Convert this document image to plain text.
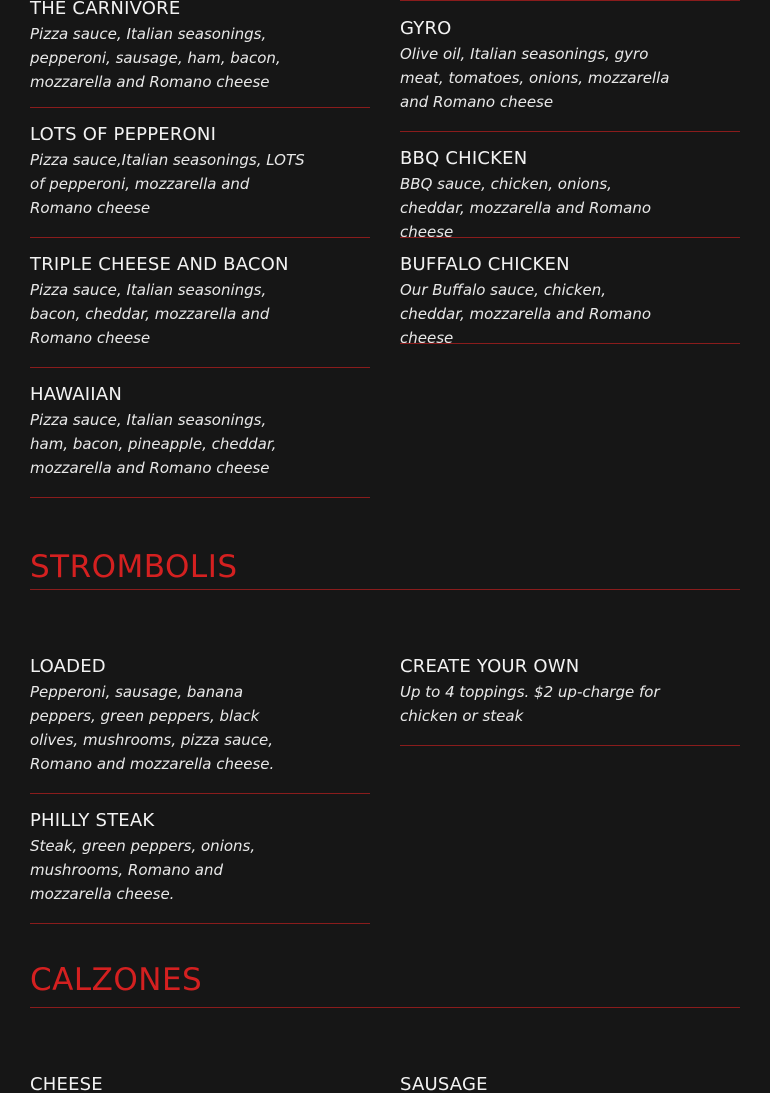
THE CARNIVORE
Pizza sauce, Italian seasonings, pepperoni, sausage, ham, bacon, mozzarella and Romano cheese
LOTS OF PEPPERONI
Pizza sauce,Italian seasonings, LOTS of pepperoni, mozzarella and Romano cheese
TRIPLE CHEESE AND BACON
Pizza sauce, Italian seasonings, bacon, cheddar, mozzarella and Romano cheese
HAWAIIAN
Pizza sauce, Italian seasonings, ham, bacon, pineapple, cheddar, mozzarella and Romano cheese
GYRO
Olive oil, Italian seasonings, gyro meat, tomatoes, onions, mozzarella and Romano cheese
BBQ CHICKEN
BBQ sauce, chicken, onions, cheddar, mozzarella and Romano cheese
BUFFALO CHICKEN
Our Buffalo sauce, chicken, cheddar, mozzarella and Romano cheese
STROMBOLIS
LOADED
Pepperoni, sausage, banana peppers, green peppers, black olives, mushrooms, pizza sauce, Romano and mozzarella cheese.
PHILLY STEAK
Steak, green peppers, onions, mushrooms, Romano and mozzarella cheese.
CREATE YOUR OWN
Up to 4 toppings. $2 up-charge for chicken or steak
CALZONES
CHEESE	SAUSAGE
